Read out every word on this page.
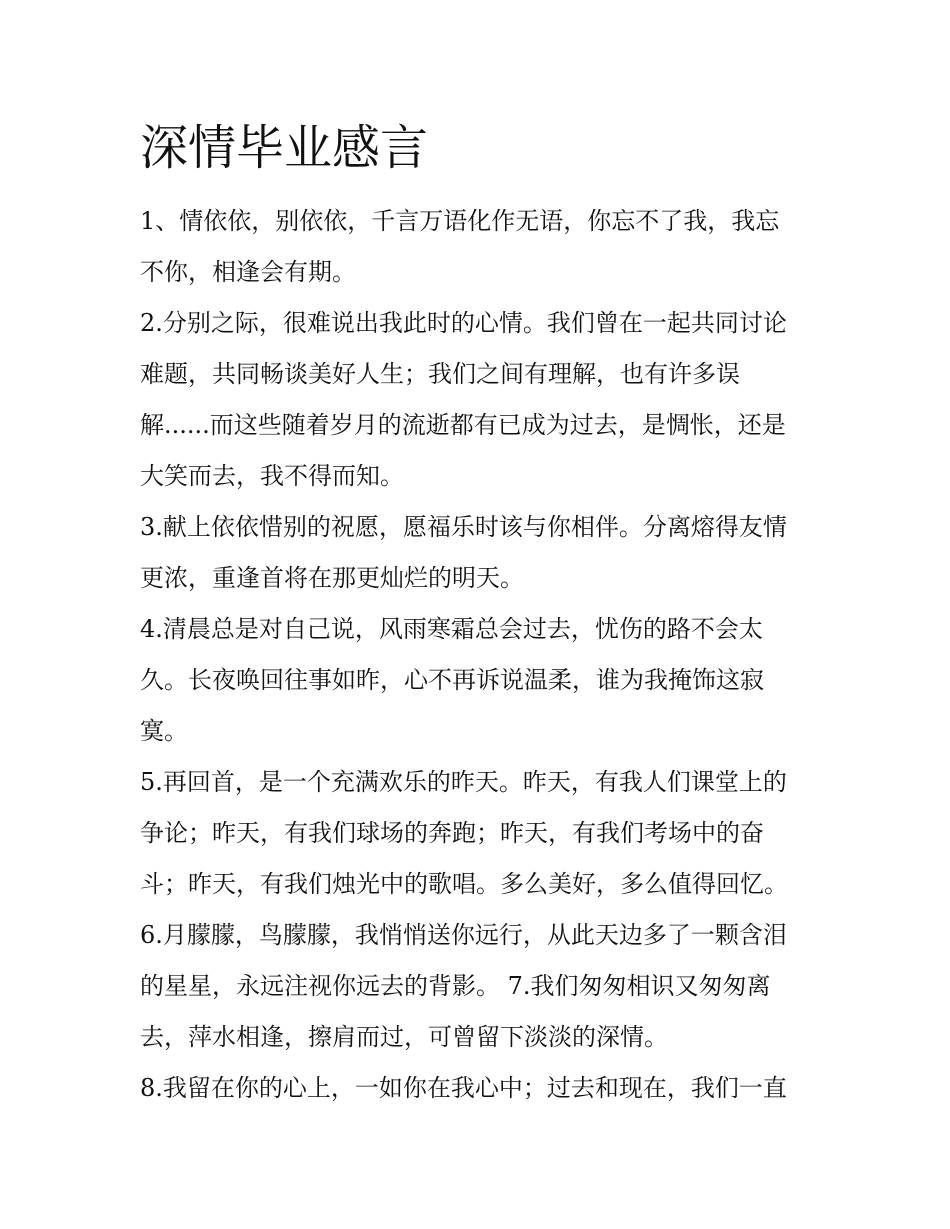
深情毕业感言
1、情依依，别依依，千言万语化作无语，你忘不了我，我忘
不你，相逢会有期。
2.分别之际，很难说出我此时的心情。我们曾在一起共同讨论
难题，共同畅谈美好人生；我们之间有理解，也有许多误
解......而这些随着岁月的流逝都有已成为过去，是惆怅，还是
大笑而去，我不得而知。
3.献上依依惜别的祝愿，愿福乐时该与你相伴。分离熔得友情
更浓，重逢首将在那更灿烂的明天。
4.清晨总是对自己说，风雨寒霜总会过去，忧伤的路不会太
久。长夜唤回往事如昨，心不再诉说温柔，谁为我掩饰这寂
寞。
5.再回首，是一个充满欢乐的昨天。昨天，有我人们课堂上的
争论；昨天，有我们球场的奔跑；昨天，有我们考场中的奋
斗；昨天，有我们烛光中的歌唱。多么美好，多么值得回忆。
6.月朦朦，鸟朦朦，我悄悄送你远行，从此天边多了一颗含泪
的星星，永远注视你远去的背影。 7.我们匆匆相识又匆匆离
去，萍水相逢，擦肩而过，可曾留下淡淡的深情。
8.我留在你的心上，一如你在我心中；过去和现在，我们一直
